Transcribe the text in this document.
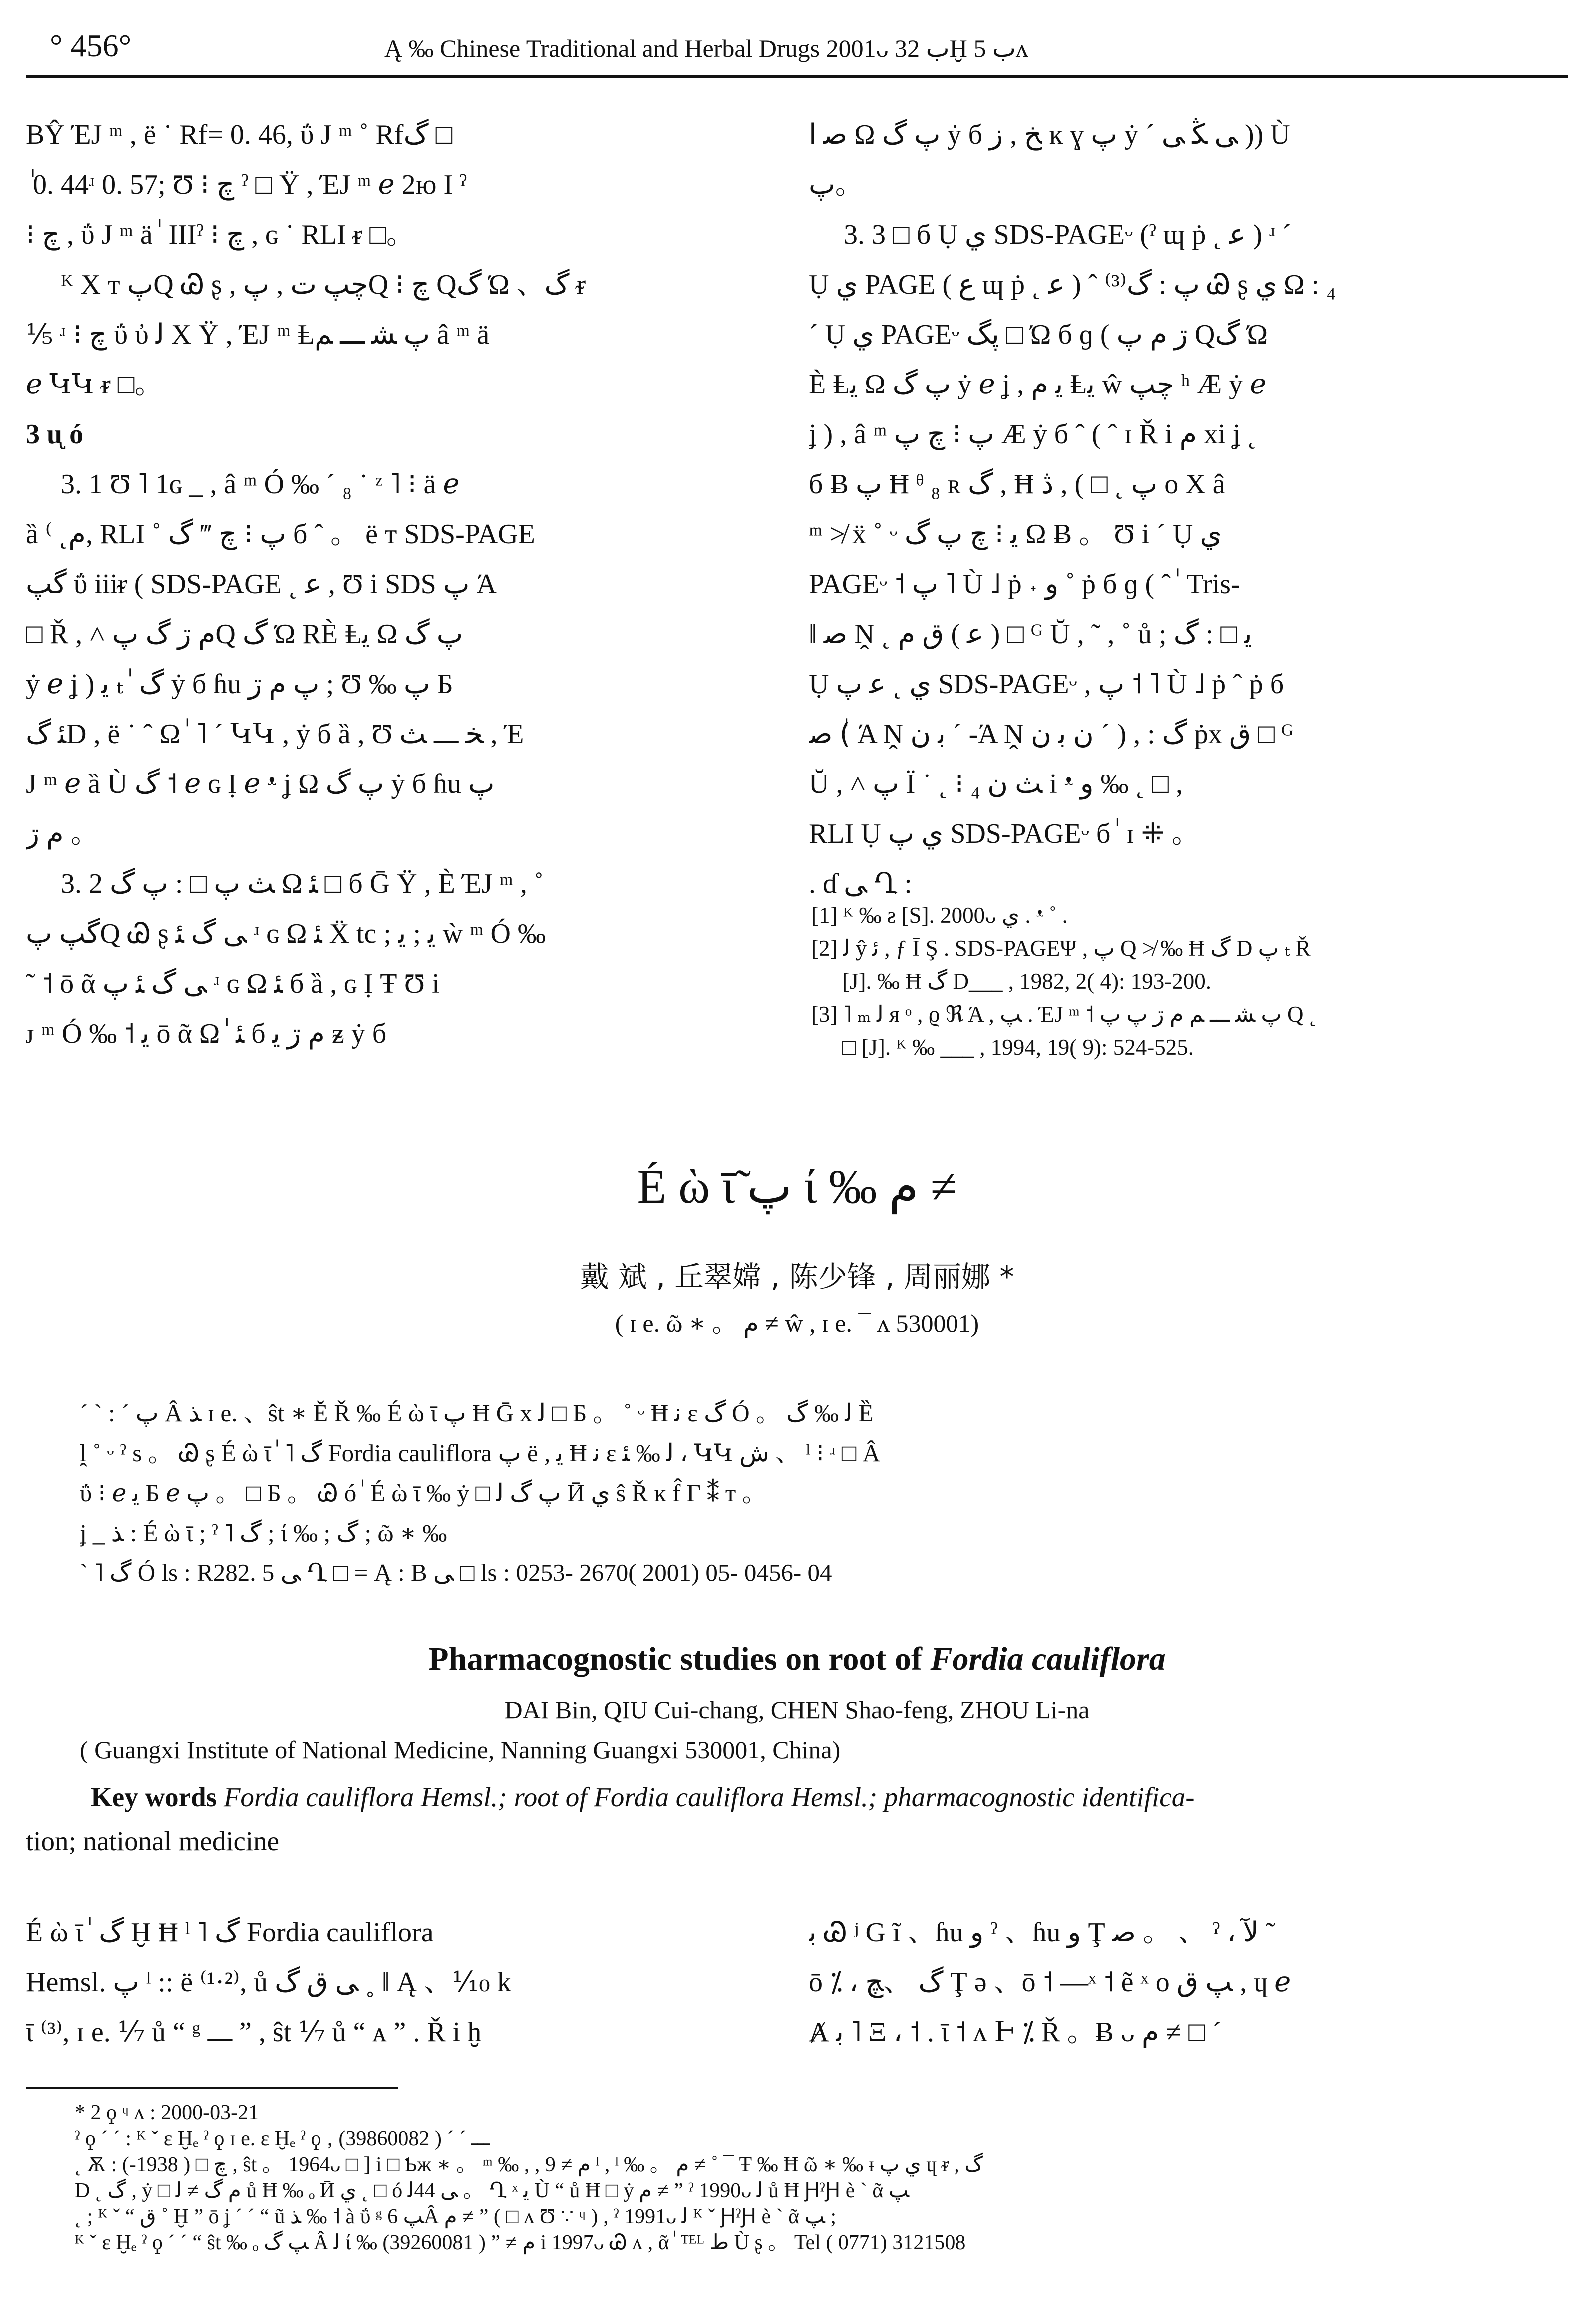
° 456°	Ą ‰ Chinese Traditional and Herbal Drugs 2001ᴗ ب 32Ḫ ب 5ᴧ
BŶ ΈJ ᵐ , ë ˙ Rf= 0. 46, ΰ J ᵐ ˚ Rfگ □
ٰ 0. 44ʴ 0. 57; Ʊ ⁝ چ ˀ □ Ÿ , ΈJ ᵐ ℯ 2ю Ι ˀ
⁝ چ , ΰ J ᵐ ä ٰ IIIˀ ⁝ چ , ɢ ˙ RLI ᵲ □。
ᴷ Χ ᴛ پQ Ꮚ ʂ , چپ ت , پQ ⁝ چ Qگ Ώ 、گ ᵲ
⅕ ʴ ⁝ چ ΰ ὐ ﻟ Χ Ÿ , ΈJ ᵐ Ⱡپ ﺸ ـــ ﻢ â ᵐ ä
ℯ ԿԿ ᵲ □。
3 ᶙ ó
3. 1 Ʊ ˥ 1ɢ _ , â ᵐ Ó ‰ ´ ₈ ˙ ᶻ ˥ ⁝ ä ℯ
ȁ ⁽ ˛ﻡ, RLI ˚ پ ⁝ چ ‴ گ б ˆ 。 ë ᴛ SDS-PAGE
گپ ΰ iiiᵲ ( SDS-PAGE ˛ ﻋ , Ʊ i SDS پ Ά
□ Ř , ˄ ﻡ ڗ گ پQ گ Ώ RÈ Ⱡﻳ Ω پ گ
ẏ ℯ ʝ ) ﻳ ₜ ٰ گ ẏ б ɦu پ ﻡ ڗ ; Ʊ ‰ پ Б
ﺌ گD , ë ˙ ˆ Ω ٰ ˥ ´ ԿԿ , ẏ б ȁ , Ʊ ﺨ ـــ ﺚ , Έ
J ᵐ ℯ ȁ Ù گ ˦ ℯ ɢ Ị ℯ ᵜ ʝ Ω پ گ ẏ б ɦu پ
ﻡ ڗ 。
3. 2 ﺚ پ □ : پ گ Ω ﺌ □ б Ḡ Ÿ , È ΈJ ᵐ , ˚
گپ پQ Ꮚ ʂ ﻰ گ ﺌ ʴ ɢ Ω ﺌ Ẍ tc ; ﻳ ; ﻳ ẁ ᵐ Ó ‰
˜ ˦ ō ᾶ ﻰ گ ﺌ پ ʴ ɢ Ω ﺌ б ȁ , ɢ Ị Ŧ Ʊ i
ᴊ ᵐ Ó ‰ ˦ ﻳ ō ᾶ Ω ٰ ﺌ б ﻡ ڗ ﻳ ᵶ ẏ б
ﺻ ا Ω پ گ ẏ б ﺦ , ﺯ ĸ ɣ پ ẏ ´ ﻰ ﯖ ﻰ )) Ù
پ。
3. 3 □ б Ụ ﻱ SDS-PAGEᵕ (ˀ ɰ ṗ ˛ ﻋ ) ʴ ´
Ụ ﻱ PAGE ( ﻉ ɰ ṗ ˛ ﻋ ) ˆ ⁽³⁾پ : گ Ꮚ ʂ ﻱ Ω : ₄
´ Ụ ﻱ PAGEᵕ پگ □ Ώ б ɡ ( ڗ ﻡ پ Qگ Ώ
È Ⱡﻳ Ω پ گ ẏ ℯ ʝ , ﻳ ﻡ Ⱡﻳ ŵ چپ ʰ Æ ẏ ℯ
ʝ ) , â ᵐ پ ⁝ چ پ Æ ẏ б ˆ ( ˆ ɪ Ř i ﻡ xi ʝ ˛
б Ƀ پ Ħ ᶿ ₈ ʀ گ , Ħ پ ˛ □ ) , ڎ o Χ â
ᵐ ≯ ẍ ˚ ᵕ ﻳ ⁝ چ پ گ Ω Ƀ 。 Ʊ i ´ Ụ ﻱ
PAGEᵕ ˦ پ ˥ Ù ˩ ṗ ˖ و ˚ ṗ б ɡ ( ˆ ٰ Tris-
‖ ﺻ Ṋ ˛ ﻋ ) ق ﻡ ) □ ᴳ Ŭ , ˜ , ˚ ů ; ﻳ □ : گ
Ụ ﻱ ˛ ﻋ پ SDS-PAGEᵕ , پ ˦ ˥ Ù ˩ ṗ ˆ ṗ б
ﺻ (ٰ Ά Ṋ ﺑ ﻥ ´ -Ά Ṋ ﻥ ﺑ ﻥ ´ ) , : گ ṗx ق □ ᴳ
Ŭ , ˄ پ Ϊ ˙ ˛ ⁝ ₄ ﺚ ﻥ i ᵜ و ‰ ˛ □ ,
RLI Ụ ﻱ پ SDS-PAGEᵕ б ٰ ɪ ⁜ 。
. ɗ ﻰ Ղ :
[1] ᴷ ‰ ƨ [S]. 2000ᴗ ﻱ . ᵜ ˚ .
[2] ﻟ ŷ ﺋ , ƒ Ī Ş . SDS-PAGEΨ , پ Q ≯ ‰ Ħ گ D پ ₜ Ř
[J]. ‰ Ħ گ D___ , 1982, 2( 4): 193-200.
[3] ˥ ₘ ﻟ ᴙ ᵒ , ϱ ℜ Ά , ﭗ . ΈJ ᵐ ˦ پ ﺸ ـــ ﻢ ﻡ ڗ پ پ Q ˛
□ [J]. ᴷ ‰ ___ , 1994, 19( 9): 524-525.
É ὼ ῑ̃ پ ί ‰ ﻡ ≠
戴 斌 , 丘翠嫦 , 陈少锋 , 周丽娜 *
( ɪ e. ῶ ∗ 。 ﻡ ≠ ŵ , ɪ e. ¯ ʌ 530001)
ˊ ˋ : ˊ پ Â ﺬ ɪ e. 、ŝt ∗ Ĕ Ř ‰ É ὼ ῑ پ Ħ Ḡ x ﻟ □ Б 。 ˚ ᵕ Ħ ﻧ ɛ گ Ó 。 ﻟ ‰ گ Ȅ
ḽ ˚ ᵕ ˀ s 。 Ꮚ ʂ É ὼ ῑ ٰ ˥ گ Fordia cauliflora پ ë , ﻳ Ħ ﻧ ɛ ﻟ ‰ ﺌ ، ԿԿ ﺵ 、 ˡ ⁝ ʴ □ Â
ΰ ⁝ ℯ ﻳ Б ℯ پ 。 □ Б 。 Ꮚ ó ٰ É ὼ ῑ ‰ ẏ □ پ گ ﻟ Ӣ ﻱ ŝ Ř ĸ f̂ Γ ⁑ ᴛ 。
ʝ _ ﺬ : É ὼ ῑ ; ˀ ˥ گ ; ί ‰ ; گ ; ῶ ∗ ‰
ˋ ˥ گ Ó ls : R282. 5 ﻰ Ղ □ = Ą : B ﻰ □ ls : 0253- 2670( 2001) 05- 0456- 04
Pharmacognostic studies on root of Fordia cauliflora
DAI Bin, QIU Cui-chang, CHEN Shao-feng, ZHOU Li-na
( Guangxi Institute of National Medicine, Nanning Guangxi 530001, China)
Key words Fordia cauliflora Hemsl.; root of Fordia cauliflora Hemsl.; pharmacognostic identifica-
tion; national medicine
É ὼ ῑ ٰ گ Ḫ Ħ ˡ ˥ گ Fordia cauliflora
Hemsl. پ ˡ :: ë ⁽¹·²⁾, ů ﯽ ق گ ˳ ‖ Ą 、⅒ k
ῑ ⁽³⁾, ɪ e. ⅐ ů “ ᵍ ـــ ” , ŝt ⅐ ů “ ᴀ ” . Ř i ḫ
ﺑ Ꮚ ʲ G ĩ 、ɦu ﻭ ˀ 、ɦu ﻭ Ţ ﺻ 。 、 ˀ ، ﻵ ˜
ō ⁒ ، گ 、ﭻ Ţ ə 、ō ˦ —ˣ ˦ ẽ ˣ o ﭗ ق , ɥ ℯ
Ⱥ ﺑ ˥ Ξ ، ˦ . ῑ ˦ ʌ Ͱ ⁒ Ř 。Ƀ ᴗ ﻡ ≠ □ ´
* 2 ϙ ᶣ ᴧ : 2000-03-21
ˀ ϙ ´ ˊ : ᴷ ˇ ɛ Ḫₑ ˀ ϙ ɪ e. ɛ Ḫₑ ˀ ϙ ‚ ـــ ´ ´ ( 39860082)
˛ Ѫ : چ □ ( 1938-) , ŝt 。 1964ᴗ □ ] i □ Ƅж ∗ 。 ᵐ ‰ , , ﻡ ≠ 9 ˡ , ˡ ‰ 。 ﻡ ≠ ˚ ¯ Ŧ ‰ Ħ ῶ ∗ ‰ ᵻ ﻱ پ ɥ ᵲ , گ
D ˛ گ , ẏ □ ﻡ گ ≠ ﻟ ů Ħ ‰ ₒ Ӣ ﻱ ˛ □ ó ﻰ 44ﻟ 。 Ղ ˣ ﻳ Ù “ ů Ħ □ ẏ ﻡ ≠ ” ˀ 1990ᴗ ﻟ ů Ħ ԨˀԨ è ˋ ᾶ ﭗ
˛ ; ᴷ ˇ “ ق ˚ Ḫ ” ō ʝ ˊ ´ “ ũ ﺬ ‰ ˦ à ΰ ᵍ ﭗ 6Â ﻡ ≠ ” ( □ ʌ Ʊ ∵ ᶣ ) , ˀ 1991ᴗ ﻟ ᴷ ˇ ԨˀԨ è ˋ ᾶ ﭗ ;
ᴷ ˇ ɛ Ḫₑ ˀ ϙ ´ ´ “ ŝt ‰ ₒ ﭗ گ Â ﻟ ί ‰ ﻡ ≠ ” ( 39260081) i 1997ᴗ Ꮚ ʌ , ᾶ ٰ ᵀᴱᴸ ﻁ Ù ʂ 。 Tel ( 0771) 3121508
